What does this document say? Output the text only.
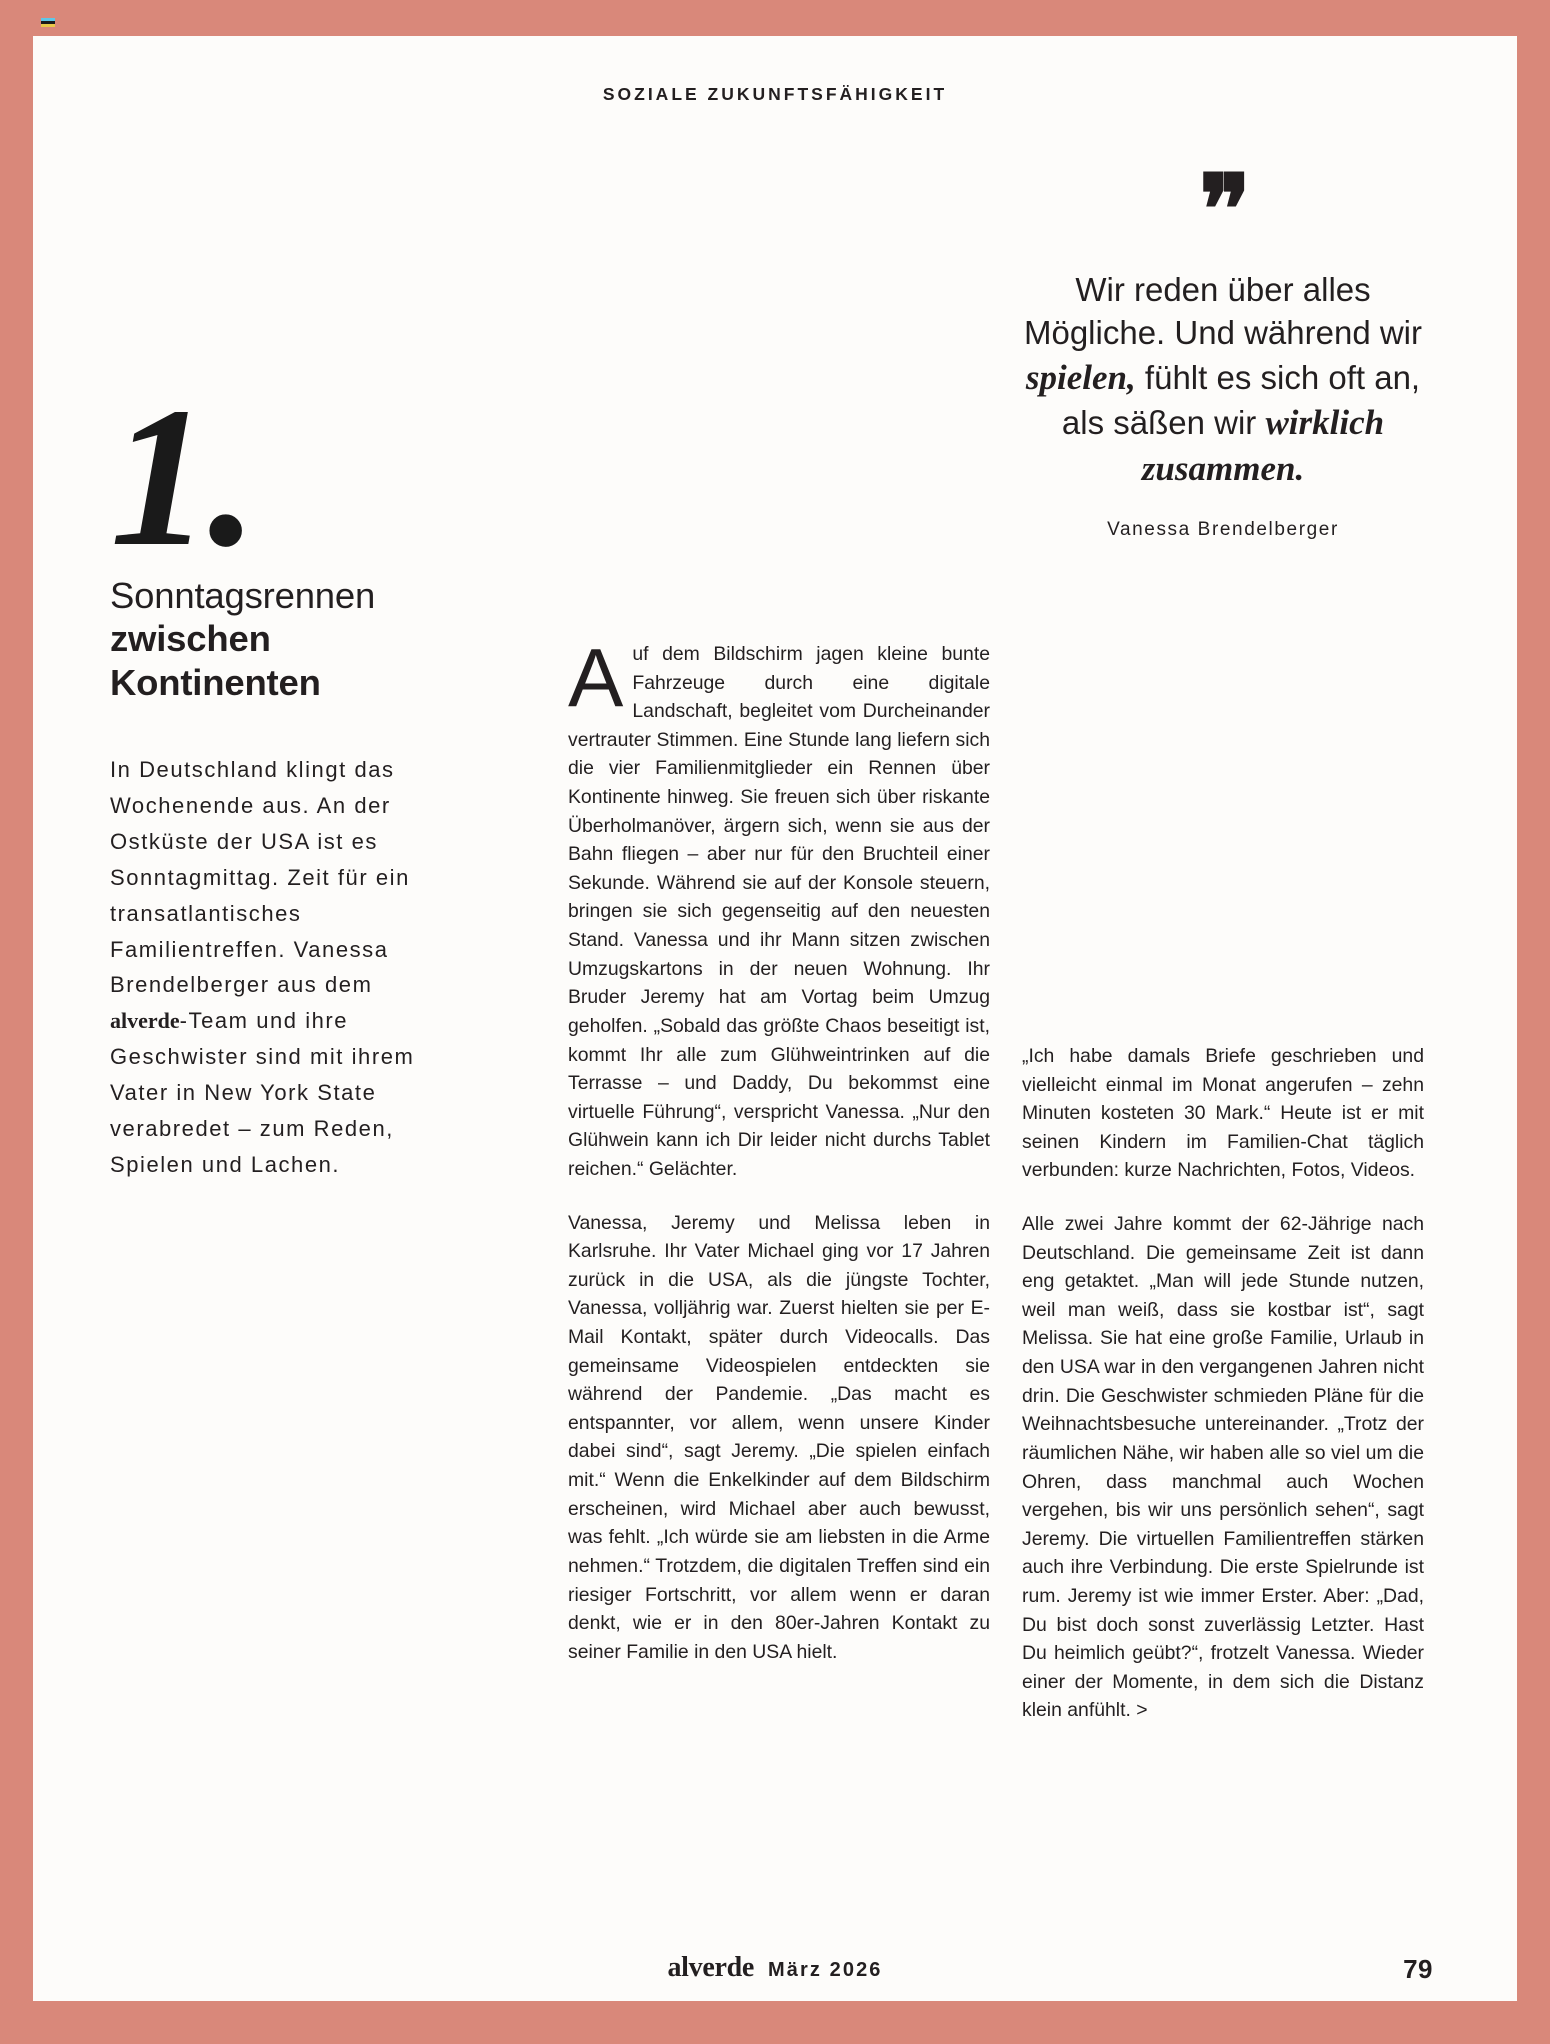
SOZIALE ZUKUNFTSFÄHIGKEIT
1.
Sonntagsrennen
zwischen
Kontinenten
In Deutschland klingt das Wochenende aus. An der Ostküste der USA ist es Sonntagmittag. Zeit für ein transatlantisches Familientreffen. Vanessa Brendelberger aus dem alverde-Team und ihre Geschwister sind mit ihrem Vater in New York State verabredet – zum Reden, Spielen und Lachen.

Auf dem Bildschirm jagen kleine bunte Fahrzeuge durch eine digitale Landschaft, begleitet vom Durcheinander vertrauter Stimmen. Eine Stunde lang liefern sich die vier Familienmitglieder ein Rennen über Kontinente hinweg. Sie freuen sich über riskante Überholmanöver, ärgern sich, wenn sie aus der Bahn fliegen – aber nur für den Bruchteil einer Sekunde. Während sie auf der Konsole steuern, bringen sie sich gegenseitig auf den neuesten Stand. Vanessa und ihr Mann sitzen zwischen Umzugskartons in der neuen Wohnung. Ihr Bruder Jeremy hat am Vortag beim Umzug geholfen. „Sobald das größte Chaos beseitigt ist, kommt Ihr alle zum Glühweintrinken auf die Terrasse – und Daddy, Du bekommst eine virtuelle Führung“, verspricht Vanessa. „Nur den Glühwein kann ich Dir leider nicht durchs Tablet reichen.“ Gelächter.

Vanessa, Jeremy und Melissa leben in Karlsruhe. Ihr Vater Michael ging vor 17 Jahren zurück in die USA, als die jüngste Tochter, Vanessa, volljährig war. Zuerst hielten sie per E-Mail Kontakt, später durch Videocalls. Das gemeinsame Videospielen entdeckten sie während der Pandemie. „Das macht es entspannter, vor allem, wenn unsere Kinder dabei sind“, sagt Jeremy. „Die spielen einfach mit.“ Wenn die Enkelkinder auf dem Bildschirm erscheinen, wird Michael aber auch bewusst, was fehlt. „Ich würde sie am liebsten in die Arme nehmen.“ Trotzdem, die digitalen Treffen sind ein riesiger Fortschritt, vor allem wenn er daran denkt, wie er in den 80er-Jahren Kontakt zu seiner Familie in den USA hielt.

❞
Wir reden über alles Mögliche. Und während wir spielen, fühlt es sich oft an, als säßen wir wirklich zusammen.
Vanessa Brendelberger

„Ich habe damals Briefe geschrieben und vielleicht einmal im Monat angerufen – zehn Minuten kosteten 30 Mark.“ Heute ist er mit seinen Kindern im Familien-Chat täglich verbunden: kurze Nachrichten, Fotos, Videos.

Alle zwei Jahre kommt der 62-Jährige nach Deutschland. Die gemeinsame Zeit ist dann eng getaktet. „Man will jede Stunde nutzen, weil man weiß, dass sie kostbar ist“, sagt Melissa. Sie hat eine große Familie, Urlaub in den USA war in den vergangenen Jahren nicht drin. Die Geschwister schmieden Pläne für die Weihnachtsbesuche untereinander. „Trotz der räumlichen Nähe, wir haben alle so viel um die Ohren, dass manchmal auch Wochen vergehen, bis wir uns persönlich sehen“, sagt Jeremy. Die virtuellen Familientreffen stärken auch ihre Verbindung. Die erste Spielrunde ist rum. Jeremy ist wie immer Erster. Aber: „Dad, Du bist doch sonst zuverlässig Letzter. Hast Du heimlich geübt?“, frotzelt Vanessa. Wieder einer der Momente, in dem sich die Distanz klein anfühlt. >

alverde März 2026	79
